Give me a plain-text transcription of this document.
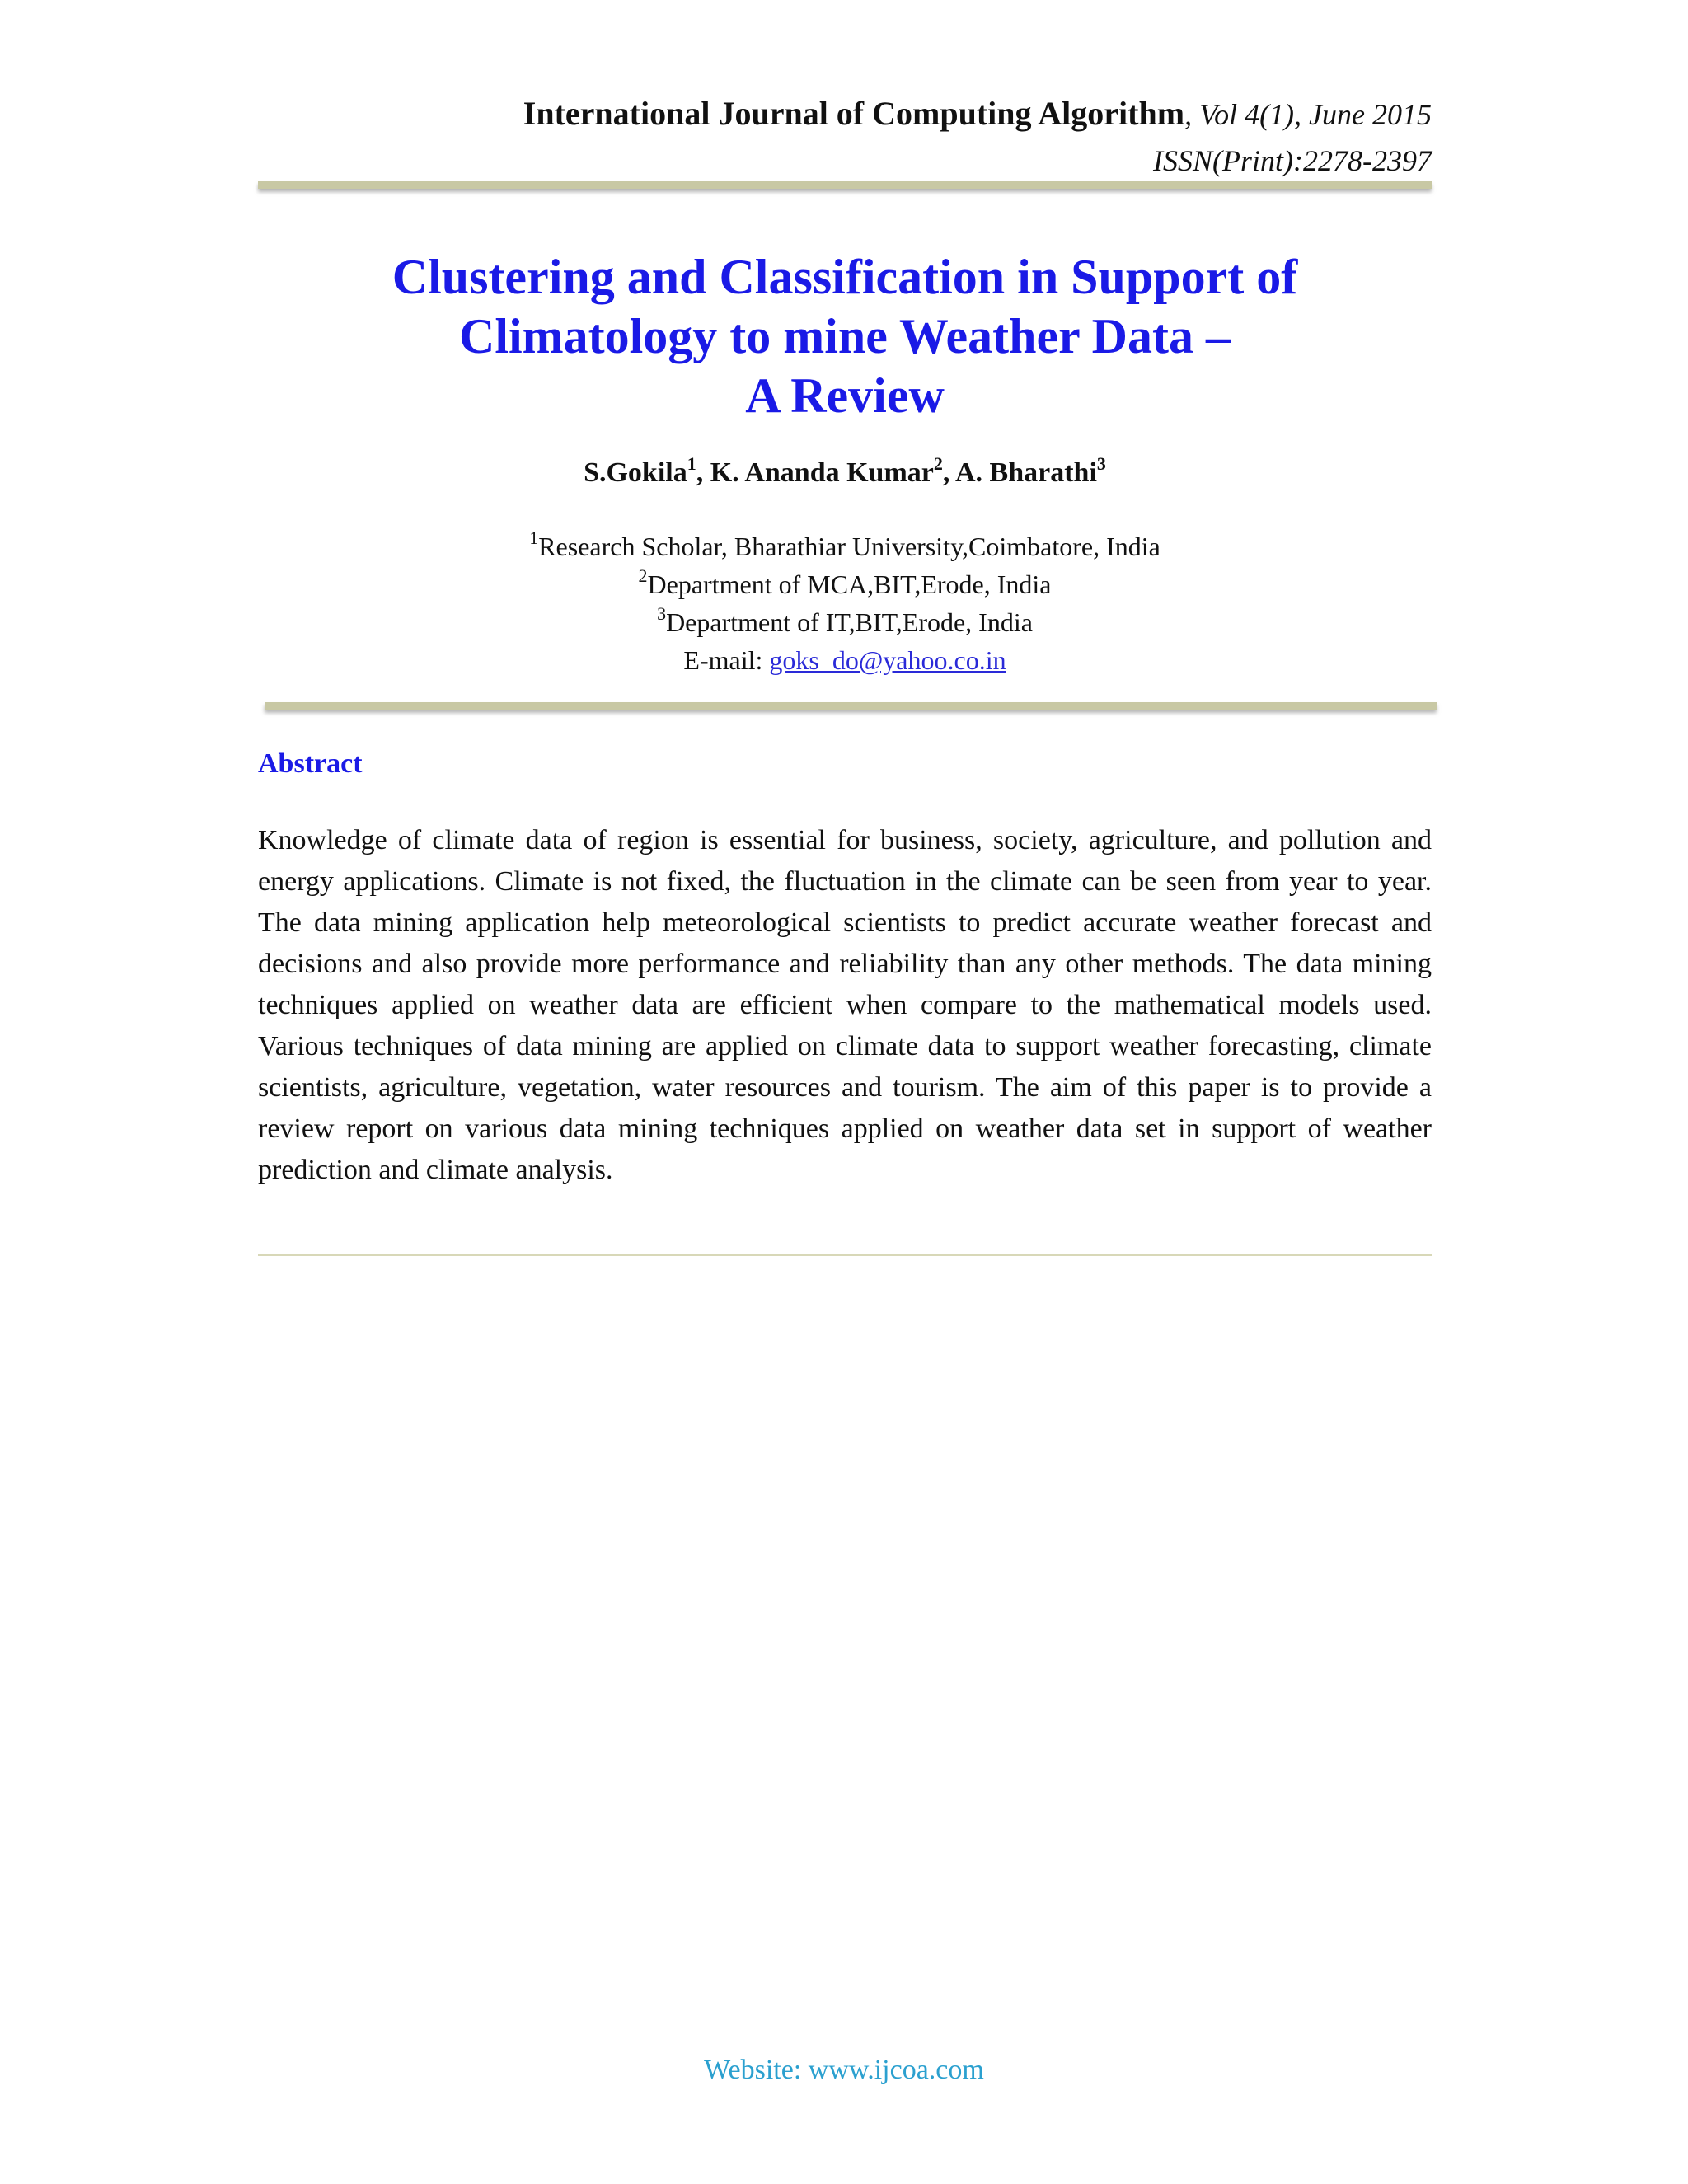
International Journal of Computing Algorithm, Vol 4(1), June 2015
ISSN(Print):2278-2397
Clustering and Classification in Support of
Climatology to mine Weather Data –
A Review
S.Gokila$^1$, K. Ananda Kumar$^2$, A. Bharathi$^3$
$^1$Research Scholar, Bharathiar University,Coimbatore, India
$^2$Department of MCA,BIT,Erode, India
$^3$Department of IT,BIT,Erode, India
E-mail: goks_do@yahoo.co.in
Abstract
Knowledge of climate data of region is essential for business, society, agriculture, and pollution and energy applications. Climate is not fixed, the fluctuation in the climate can be seen from year to year. The data mining application help meteorological scientists to predict accurate weather forecast and decisions and also provide more performance and reliability than any other methods. The data mining techniques applied on weather data are efficient when compare to the mathematical models used. Various techniques of data mining are applied on climate data to support weather forecasting, climate scientists, agriculture, vegetation, water resources and tourism. The aim of this paper is to provide a review report on various data mining techniques applied on weather data set in support of weather prediction and climate analysis.
Website: www.ijcoa.com
